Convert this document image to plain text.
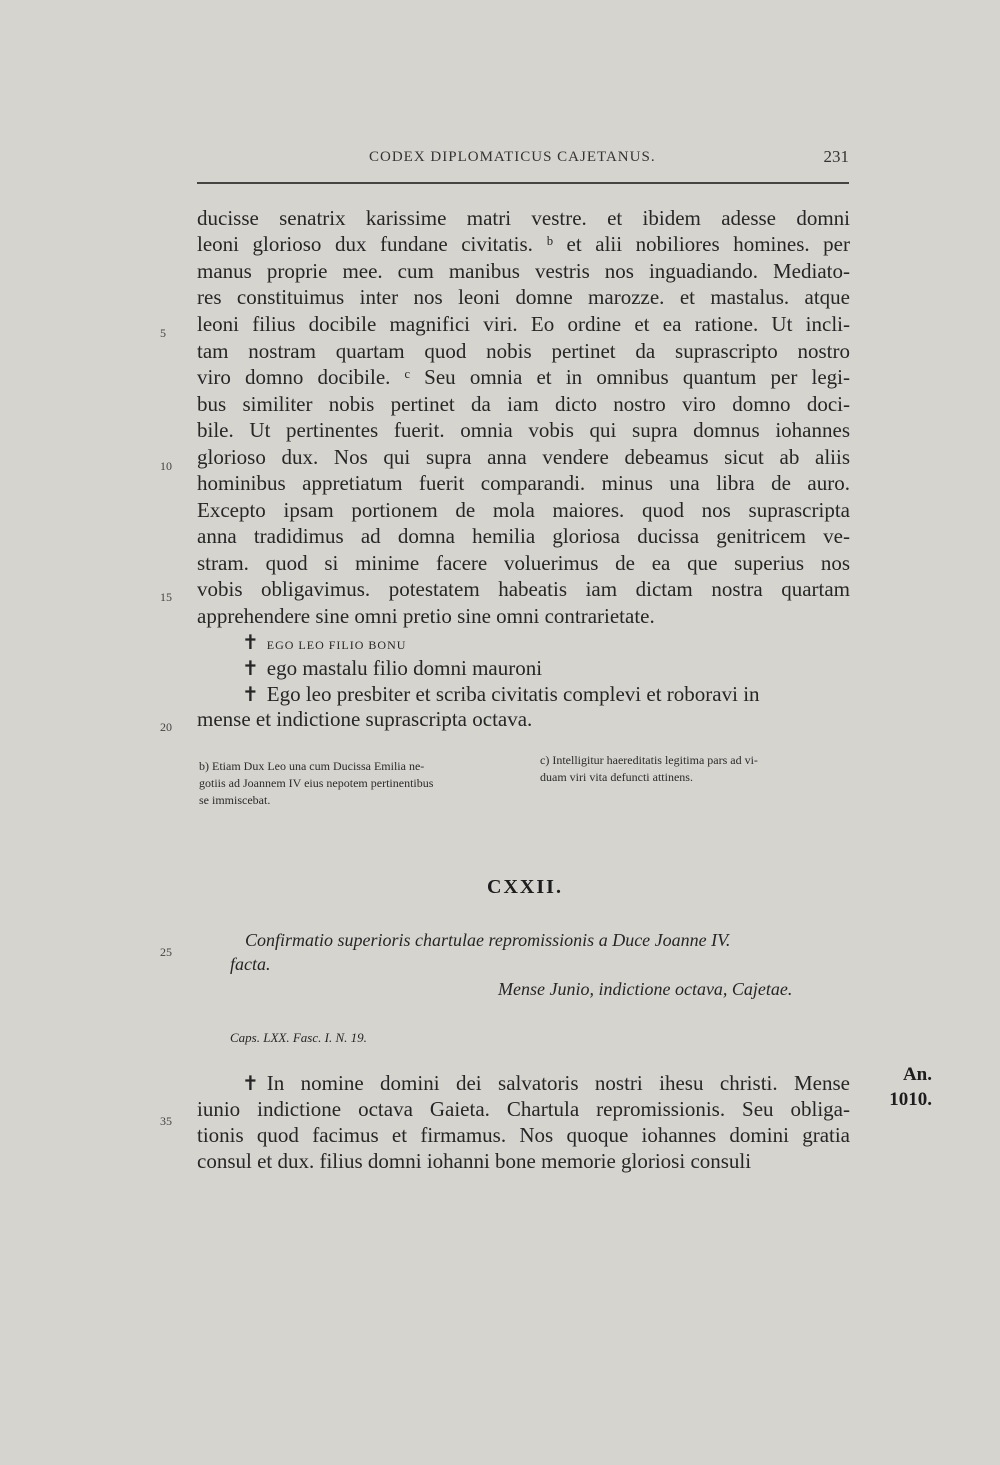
CODEX DIPLOMATICUS CAJETANUS.	231
ducisse senatrix karissime matri vestre. et ibidem adesse domni
leoni glorioso dux fundane civitatis. ᵇ et alii nobiliores homines. per
manus proprie mee. cum manibus vestris nos inguadiando. Mediato-
res constituimus inter nos leoni domne marozze. et mastalus. atque
leoni filius docibile magnifici viri. Eo ordine et ea ratione. Ut incli-
tam nostram quartam quod nobis pertinet da suprascripto nostro
viro domno docibile. ᶜ Seu omnia et in omnibus quantum per legi-
bus similiter nobis pertinet da iam dicto nostro viro domno doci-
bile. Ut pertinentes fuerit. omnia vobis qui supra domnus iohannes
glorioso dux. Nos qui supra anna vendere debeamus sicut ab aliis
hominibus appretiatum fuerit comparandi. minus una libra de auro.
Excepto ipsam portionem de mola maiores. quod nos suprascripta
anna tradidimus ad domna hemilia gloriosa ducissa genitricem ve-
stram. quod si minime facere voluerimus de ea que superius nos
vobis obligavimus. potestatem habeatis iam dictam nostra quartam
apprehendere sine omni pretio sine omni contrarietate.
✝ EGO LEO FILIO BONU
✝ ego mastalu filio domni mauroni
✝ Ego leo presbiter et scriba civitatis complevi et roboravi in
mense et indictione suprascripta octava.
5
10
15
20
25
35
b) Etiam Dux Leo una cum Ducissa Emilia ne-
gotiis ad Joannem IV eius nepotem pertinentibus
se immiscebat.
c) Intelligitur haereditatis legitima pars ad vi-
duam viri vita defuncti attinens.
CXXII.
Confirmatio superioris chartulae repromissionis a Duce Joanne IV.
facta.
Mense Junio, indictione octava, Cajetae.
Caps. LXX. Fasc. I. N. 19.
✝ In nomine domini dei salvatoris nostri ihesu christi. Mense
iunio indictione octava Gaieta. Chartula repromissionis. Seu obliga-
tionis quod facimus et firmamus. Nos quoque iohannes domini gratia
consul et dux. filius domni iohanni bone memorie gloriosi consuli
An.
1010.
